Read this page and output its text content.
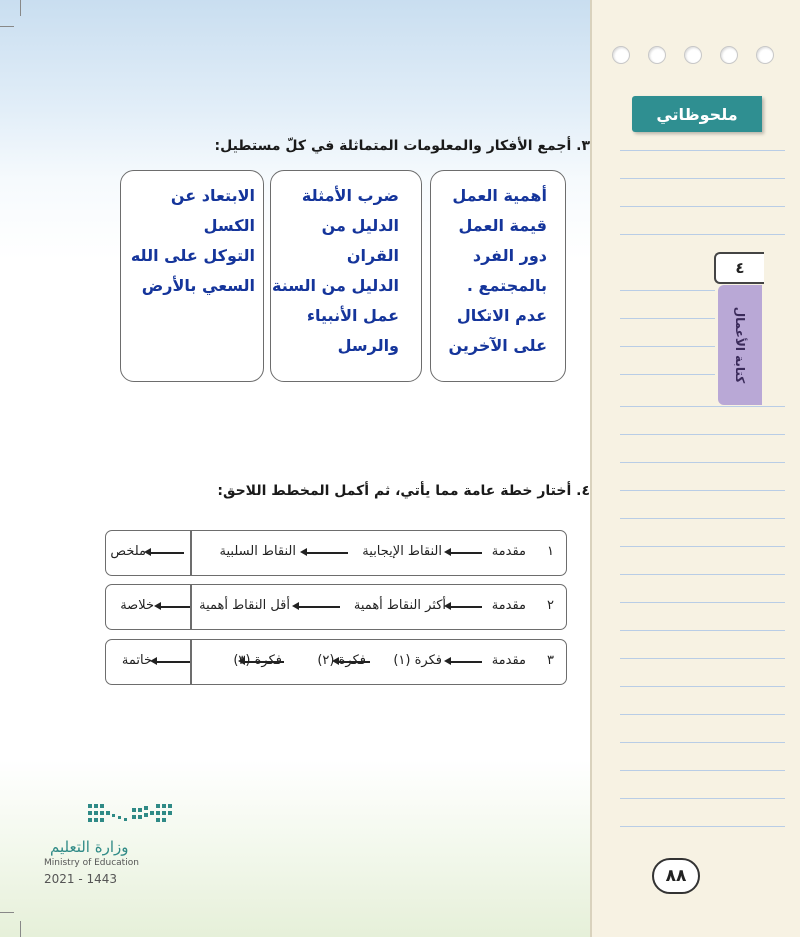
ملحوظاتي
٤
كتابة الأعمال
٣. أجمع الأفكار والمعلومات المتماثلة في كلّ مستطيل:
أهمية العمل
قيمة العمل
دور الفرد
بالمجتمع .
عدم الاتكال
على الآخرين
ضرب الأمثلة
الدليل من القران
الدليل من السنة
عمل الأنبياء
والرسل
الابتعاد عن الكسل
التوكل على الله
السعي بالأرض
٤. أختار خطة عامة مما يأتي، ثم أكمل المخطط اللاحق:
١
مقدمة
النقاط الإيجابية
النقاط السلبية
ملخص
٢
مقدمة
أكثر النقاط أهمية
أقل النقاط أهمية
خلاصة
٣
مقدمة
فكرة (١)
فكرة (٢)
فكرة (٣)
خاتمة
٨٨
وزارة التعليم
Ministry of Education
2021 - 1443
